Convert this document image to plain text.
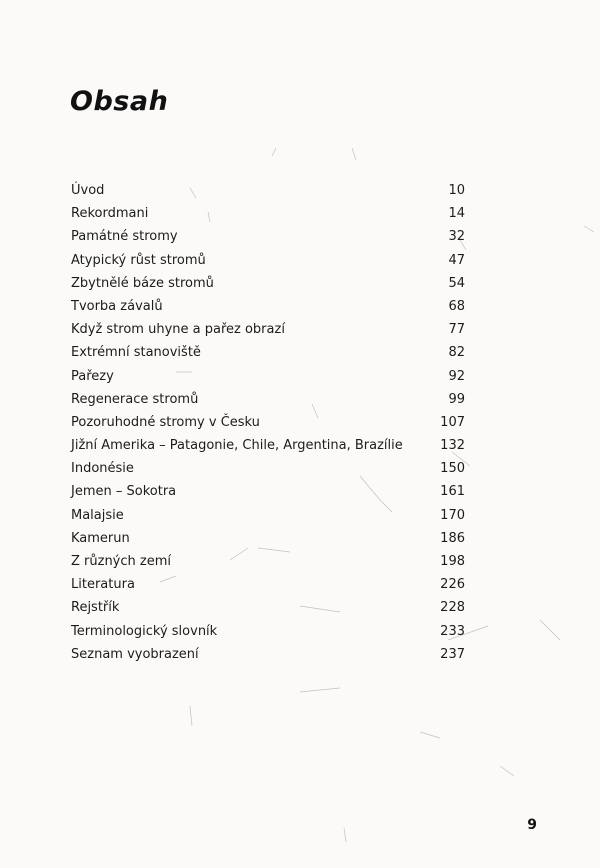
Obsah
Úvod	10
Rekordmani	14
Památné stromy	32
Atypický růst stromů	47
Zbytnělé báze stromů	54
Tvorba závalů	68
Když strom uhyne a pařez obrazí	77
Extrémní stanoviště	82
Pařezy	92
Regenerace stromů	99
Pozoruhodné stromy v Česku	107
Jižní Amerika – Patagonie, Chile, Argentina, Brazílie	132
Indonésie	150
Jemen – Sokotra	161
Malajsie	170
Kamerun	186
Z různých zemí	198
Literatura	226
Rejstřík	228
Terminologický slovník	233
Seznam vyobrazení	237
9
